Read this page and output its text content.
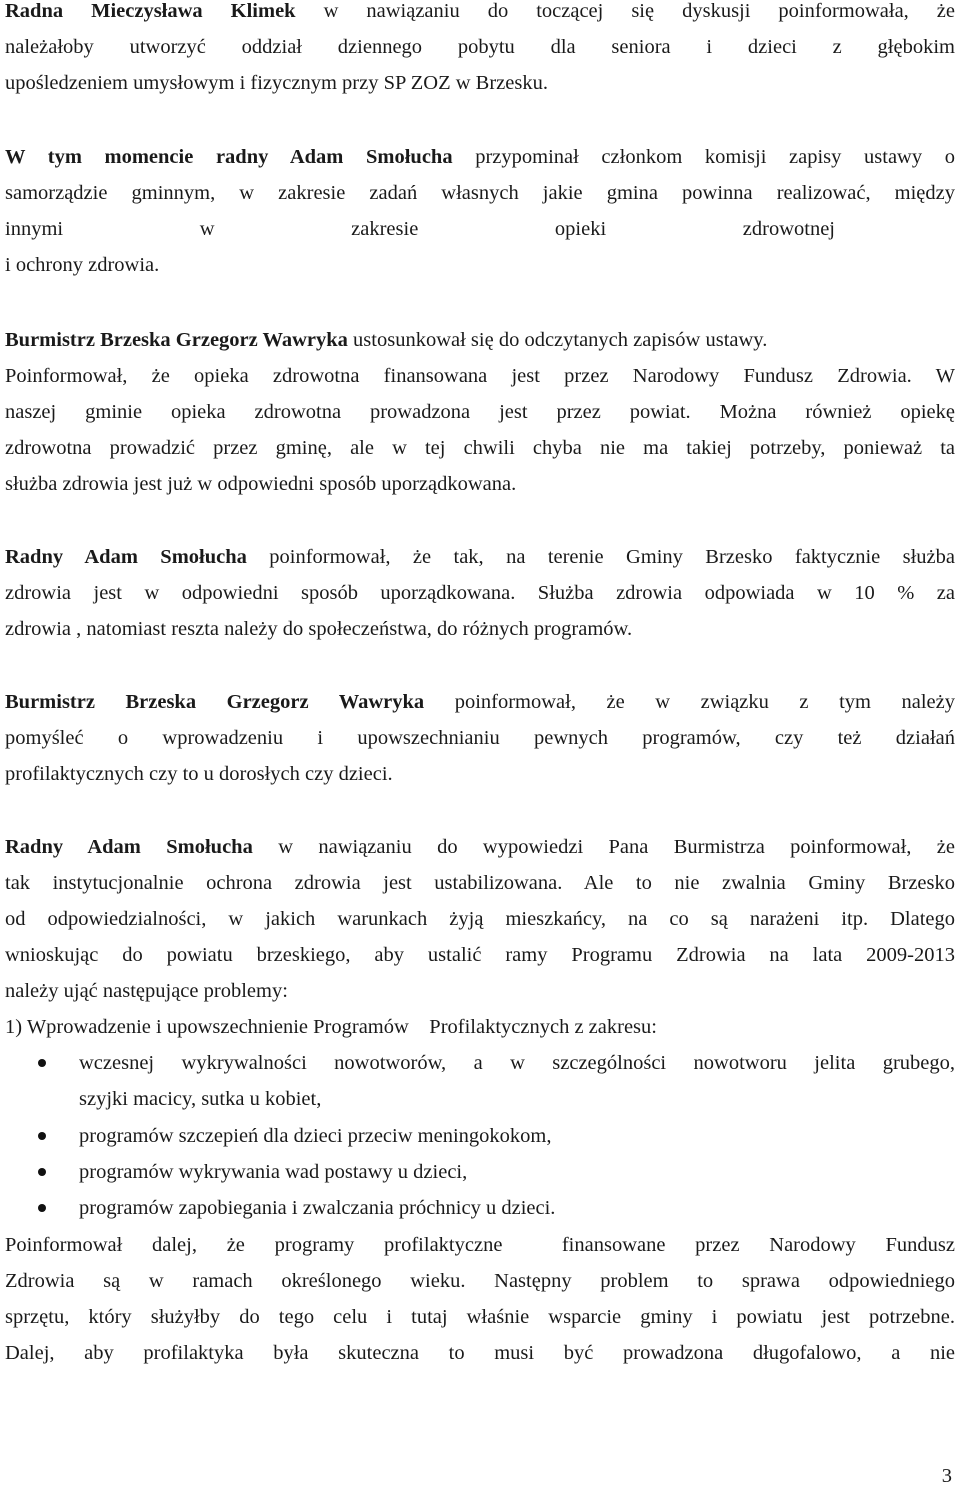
Radna Mieczysława Klimek w nawiązaniu do toczącej się dyskusji poinformowała, że
należałoby utworzyć oddział dziennego pobytu dla seniora i dzieci z głębokim
upośledzeniem umysłowym i fizycznym przy SP ZOZ w Brzesku.
W tym momencie radny Adam Smołucha przypominał członkom komisji zapisy ustawy o
samorządzie gminnym, w zakresie zadań własnych jakie gmina powinna realizować, między
innymi w zakresie opieki zdrowotnej
i ochrony zdrowia.
Burmistrz Brzeska Grzegorz Wawryka ustosunkował się do odczytanych zapisów ustawy.
Poinformował, że opieka zdrowotna finansowana jest przez Narodowy Fundusz Zdrowia. W
naszej gminie opieka zdrowotna prowadzona jest przez powiat. Można również opiekę
zdrowotna prowadzić przez gminę, ale w tej chwili chyba nie ma takiej potrzeby, ponieważ ta
służba zdrowia jest już w odpowiedni sposób uporządkowana.
Radny Adam Smołucha poinformował, że tak, na terenie Gminy Brzesko faktycznie służba
zdrowia jest w odpowiedni sposób uporządkowana. Służba zdrowia odpowiada w 10 % za
zdrowia , natomiast reszta należy do społeczeństwa, do różnych programów.
Burmistrz Brzeska Grzegorz Wawryka poinformował, że w związku z tym należy
pomyśleć o wprowadzeniu i upowszechnianiu pewnych programów, czy też działań
profilaktycznych czy to u dorosłych czy dzieci.
Radny Adam Smołucha w nawiązaniu do wypowiedzi Pana Burmistrza poinformował, że
tak instytucjonalnie ochrona zdrowia jest ustabilizowana. Ale to nie zwalnia Gminy Brzesko
od odpowiedzialności, w jakich warunkach żyją mieszkańcy, na co są narażeni itp. Dlatego
wnioskując do powiatu brzeskiego, aby ustalić ramy Programu Zdrowia na lata 2009-2013
należy ująć następujące problemy:
1) Wprowadzenie i upowszechnienie Programów    Profilaktycznych z zakresu:
wczesnej wykrywalności nowotworów, a w szczególności nowotworu jelita grubego,
szyjki macicy, sutka u kobiet,
programów szczepień dla dzieci przeciw meningokokom,
programów wykrywania wad postawy u dzieci,
programów zapobiegania i zwalczania próchnicy u dzieci.
Poinformował dalej, że programy profilaktyczne  finansowane przez Narodowy Fundusz
Zdrowia są w ramach określonego wieku. Następny problem to sprawa odpowiedniego
sprzętu, który służyłby do tego celu i tutaj właśnie wsparcie gminy i powiatu jest potrzebne.
Dalej, aby profilaktyka była skuteczna to musi być prowadzona długofalowo, a nie
3
